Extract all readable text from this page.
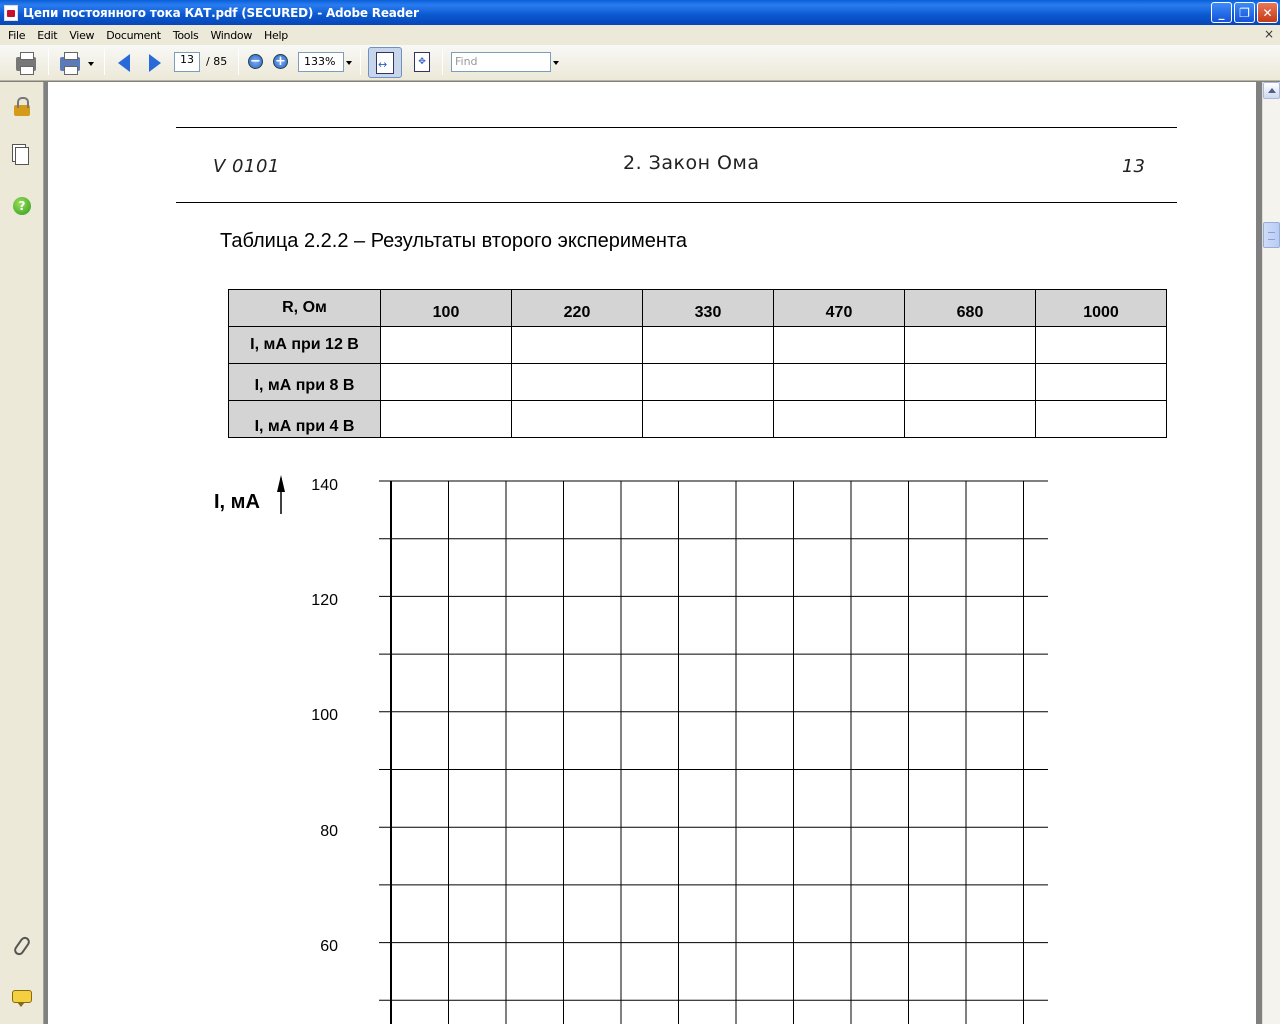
Цепи постоянного тока КАТ.pdf (SECURED) - Adobe Reader	_	❐	✕
File	Edit	View	Document	Tools	Window	Help	×
13	/ 85 − +	133% ↔	✥	Find
?
V 0101	2. Закон Ома	13
Таблица 2.2.2 – Результаты второго эксперимента
R, Ом	100	220	330	470	680	1000
I, мА при 12 В						
I, мА при 8 В						
I, мА при 4 В						
I, мА
140
120
100
80
60
